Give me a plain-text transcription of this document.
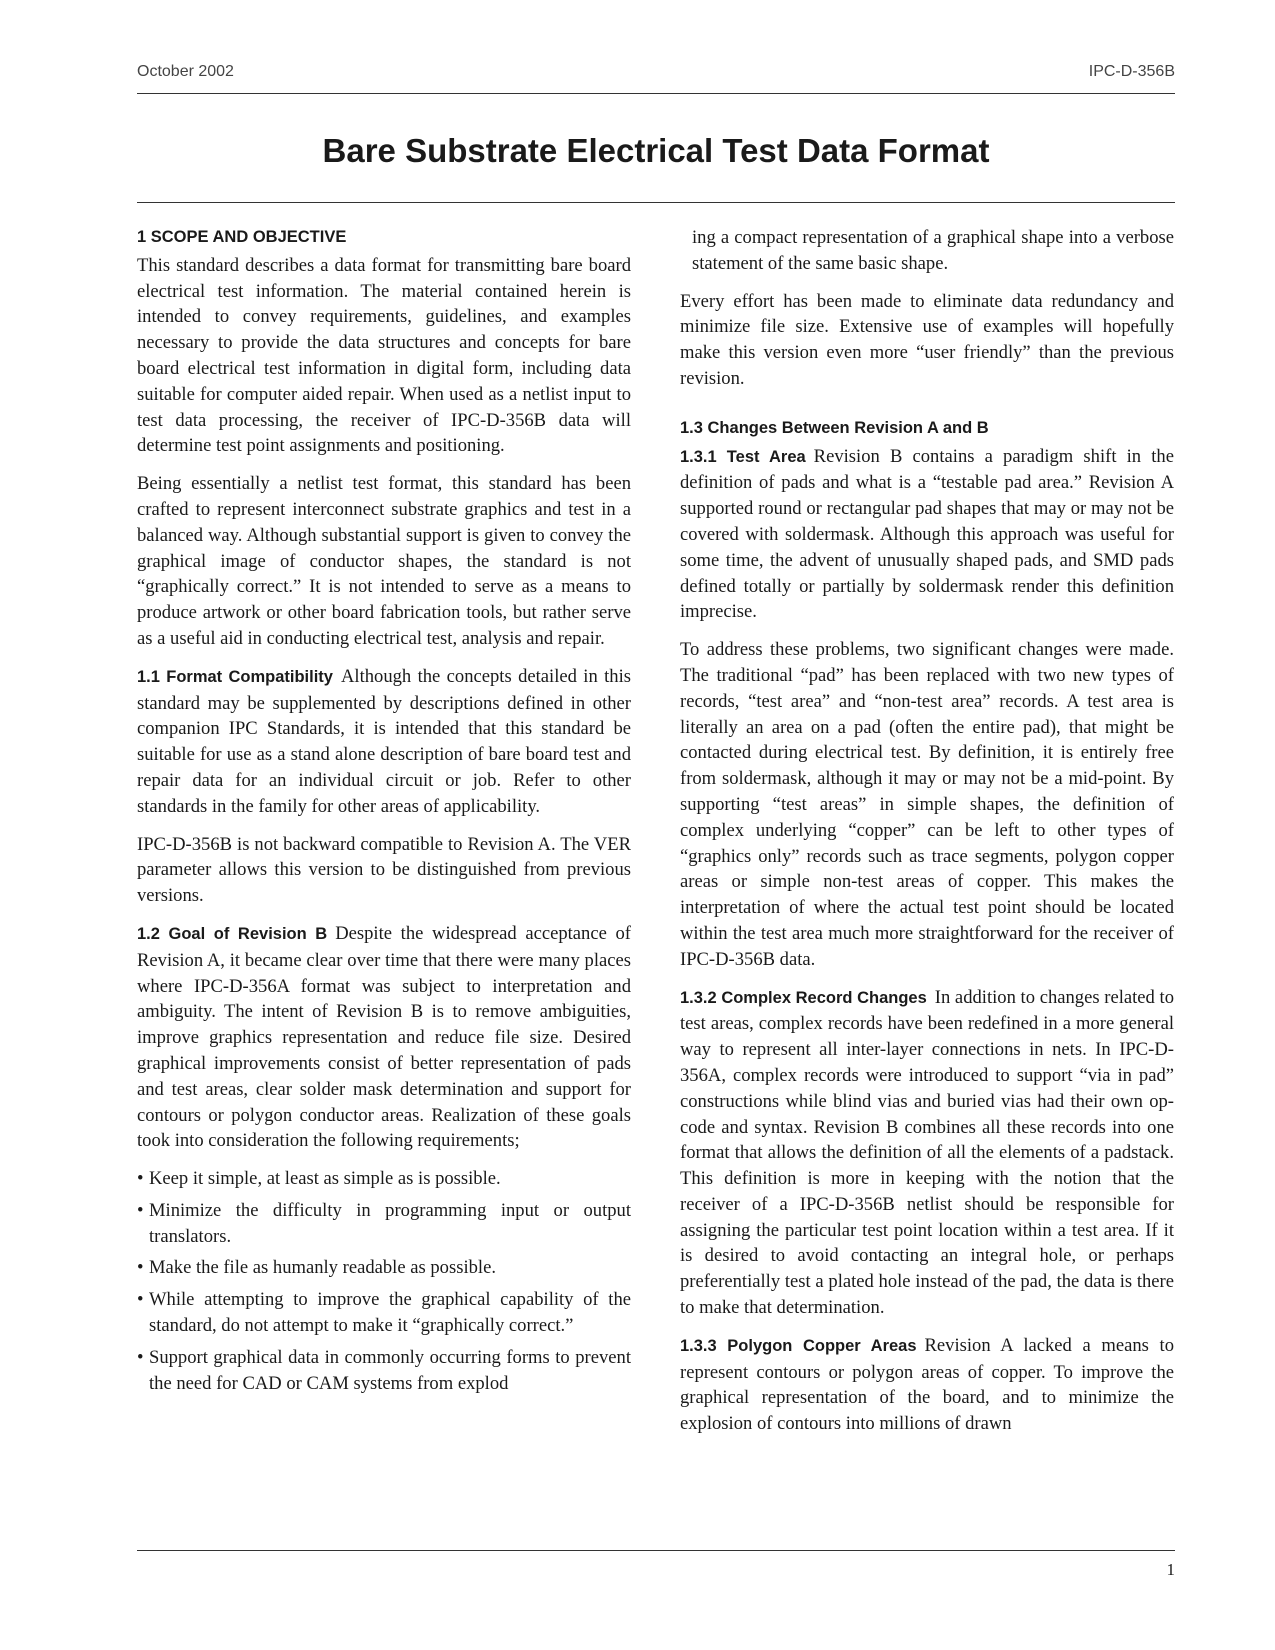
October 2002	IPC-D-356B
Bare Substrate Electrical Test Data Format
1 SCOPE AND OBJECTIVE

This standard describes a data format for transmitting bare board electrical test information. The material contained herein is intended to convey requirements, guidelines, and examples necessary to provide the data structures and concepts for bare board electrical test information in digital form, including data suitable for computer aided repair. When used as a netlist input to test data processing, the receiver of IPC-D-356B data will determine test point assignments and positioning.

Being essentially a netlist test format, this standard has been crafted to represent interconnect substrate graphics and test in a balanced way. Although substantial support is given to convey the graphical image of conductor shapes, the standard is not “graphically correct.” It is not intended to serve as a means to produce artwork or other board fabrication tools, but rather serve as a useful aid in conducting electrical test, analysis and repair.

1.1 Format Compatibility Although the concepts detailed in this standard may be supplemented by descriptions defined in other companion IPC Standards, it is intended that this standard be suitable for use as a stand alone description of bare board test and repair data for an individual circuit or job. Refer to other standards in the family for other areas of applicability.

IPC-D-356B is not backward compatible to Revision A. The VER parameter allows this version to be distinguished from previous versions.

1.2 Goal of Revision B Despite the widespread acceptance of Revision A, it became clear over time that there were many places where IPC-D-356A format was subject to interpretation and ambiguity. The intent of Revision B is to remove ambiguities, improve graphics representation and reduce file size. Desired graphical improvements consist of better representation of pads and test areas, clear solder mask determination and support for contours or polygon conductor areas. Realization of these goals took into consideration the following requirements;

• Keep it simple, at least as simple as is possible.
• Minimize the difficulty in programming input or output translators.
• Make the file as humanly readable as possible.
• While attempting to improve the graphical capability of the standard, do not attempt to make it “graphically correct.”
• Support graphical data in commonly occurring forms to prevent the need for CAD or CAM systems from explod

ing a compact representation of a graphical shape into a verbose statement of the same basic shape.

Every effort has been made to eliminate data redundancy and minimize file size. Extensive use of examples will hopefully make this version even more “user friendly” than the previous revision.

1.3 Changes Between Revision A and B

1.3.1 Test Area Revision B contains a paradigm shift in the definition of pads and what is a “testable pad area.” Revision A supported round or rectangular pad shapes that may or may not be covered with soldermask. Although this approach was useful for some time, the advent of unusually shaped pads, and SMD pads defined totally or partially by soldermask render this definition imprecise.

To address these problems, two significant changes were made. The traditional “pad” has been replaced with two new types of records, “test area” and “non-test area” records. A test area is literally an area on a pad (often the entire pad), that might be contacted during electrical test. By definition, it is entirely free from soldermask, although it may or may not be a mid-point. By supporting “test areas” in simple shapes, the definition of complex underlying “copper” can be left to other types of “graphics only” records such as trace segments, polygon copper areas or simple non-test areas of copper. This makes the interpretation of where the actual test point should be located within the test area much more straightforward for the receiver of IPC-D-356B data.

1.3.2 Complex Record Changes In addition to changes related to test areas, complex records have been redefined in a more general way to represent all inter-layer connections in nets. In IPC-D-356A, complex records were introduced to support “via in pad” constructions while blind vias and buried vias had their own op-code and syntax. Revision B combines all these records into one format that allows the definition of all the elements of a padstack. This definition is more in keeping with the notion that the receiver of a IPC-D-356B netlist should be responsible for assigning the particular test point location within a test area. If it is desired to avoid contacting an integral hole, or perhaps preferentially test a plated hole instead of the pad, the data is there to make that determination.

1.3.3 Polygon Copper Areas Revision A lacked a means to represent contours or polygon areas of copper. To improve the graphical representation of the board, and to minimize the explosion of contours into millions of drawn

1
